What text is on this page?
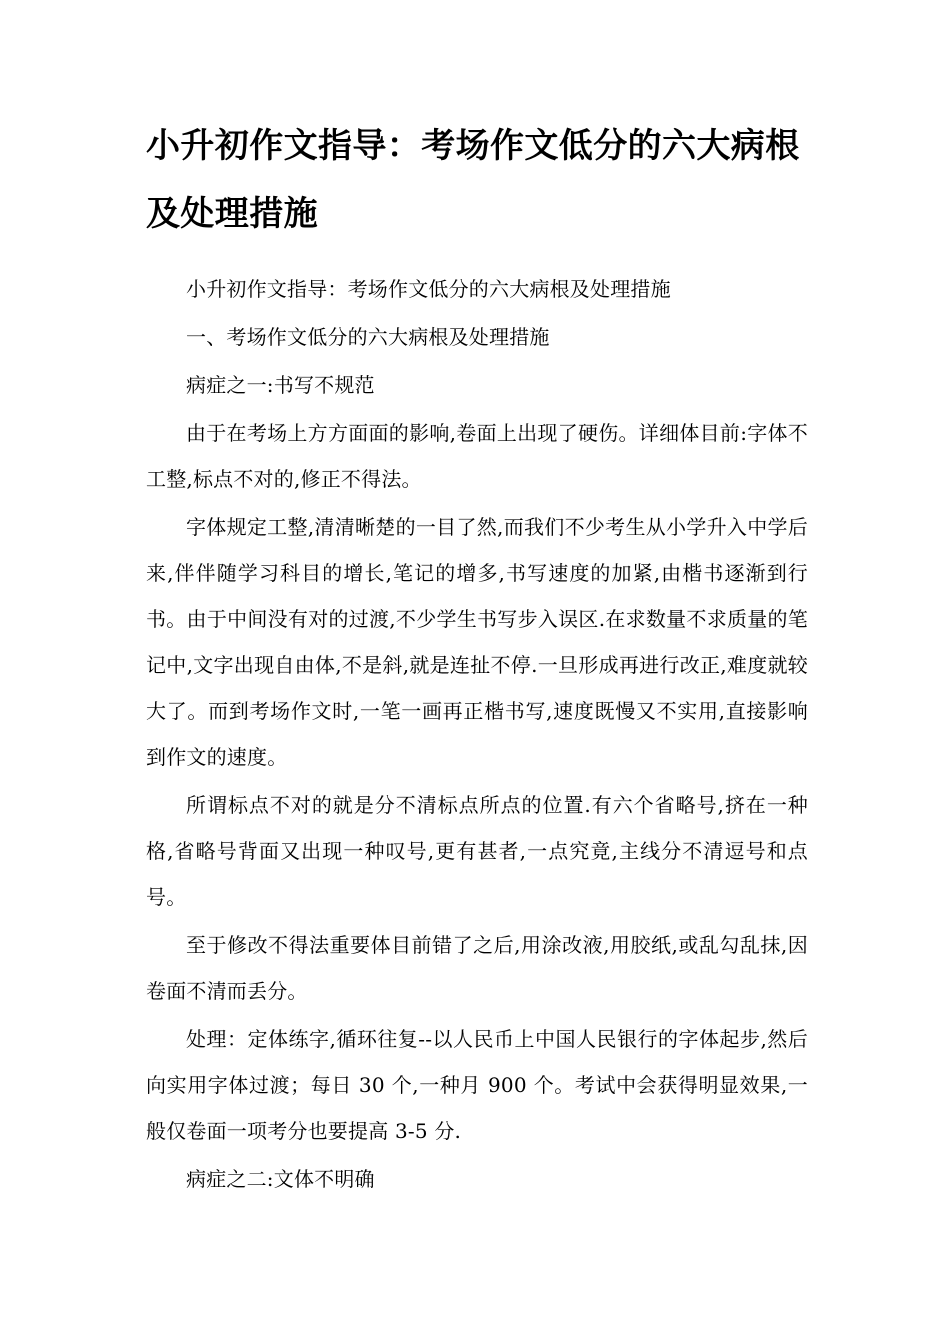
小升初作文指导：考场作文低分的六大病根及处理措施

小升初作文指导：考场作文低分的六大病根及处理措施

一、考场作文低分的六大病根及处理措施

病症之一:书写不规范

由于在考场上方方面面的影响,卷面上出现了硬伤。详细体目前:字体不工整,标点不对的,修正不得法。

字体规定工整,清清晰楚的一目了然,而我们不少考生从小学升入中学后来,伴伴随学习科目的增长,笔记的增多,书写速度的加紧,由楷书逐渐到行书。由于中间没有对的过渡,不少学生书写步入误区.在求数量不求质量的笔记中,文字出现自由体,不是斜,就是连扯不停.一旦形成再进行改正,难度就较大了。而到考场作文时,一笔一画再正楷书写,速度既慢又不实用,直接影响到作文的速度。

所谓标点不对的就是分不清标点所点的位置.有六个省略号,挤在一种格,省略号背面又出现一种叹号,更有甚者,一点究竟,主线分不清逗号和点号。

至于修改不得法重要体目前错了之后,用涂改液,用胶纸,或乱勾乱抹,因卷面不清而丢分。

处理：定体练字,循环往复--以人民币上中国人民银行的字体起步,然后向实用字体过渡；每日 30 个,一种月 900 个。考试中会获得明显效果,一般仅卷面一项考分也要提高 3-5 分.

病症之二:文体不明确
